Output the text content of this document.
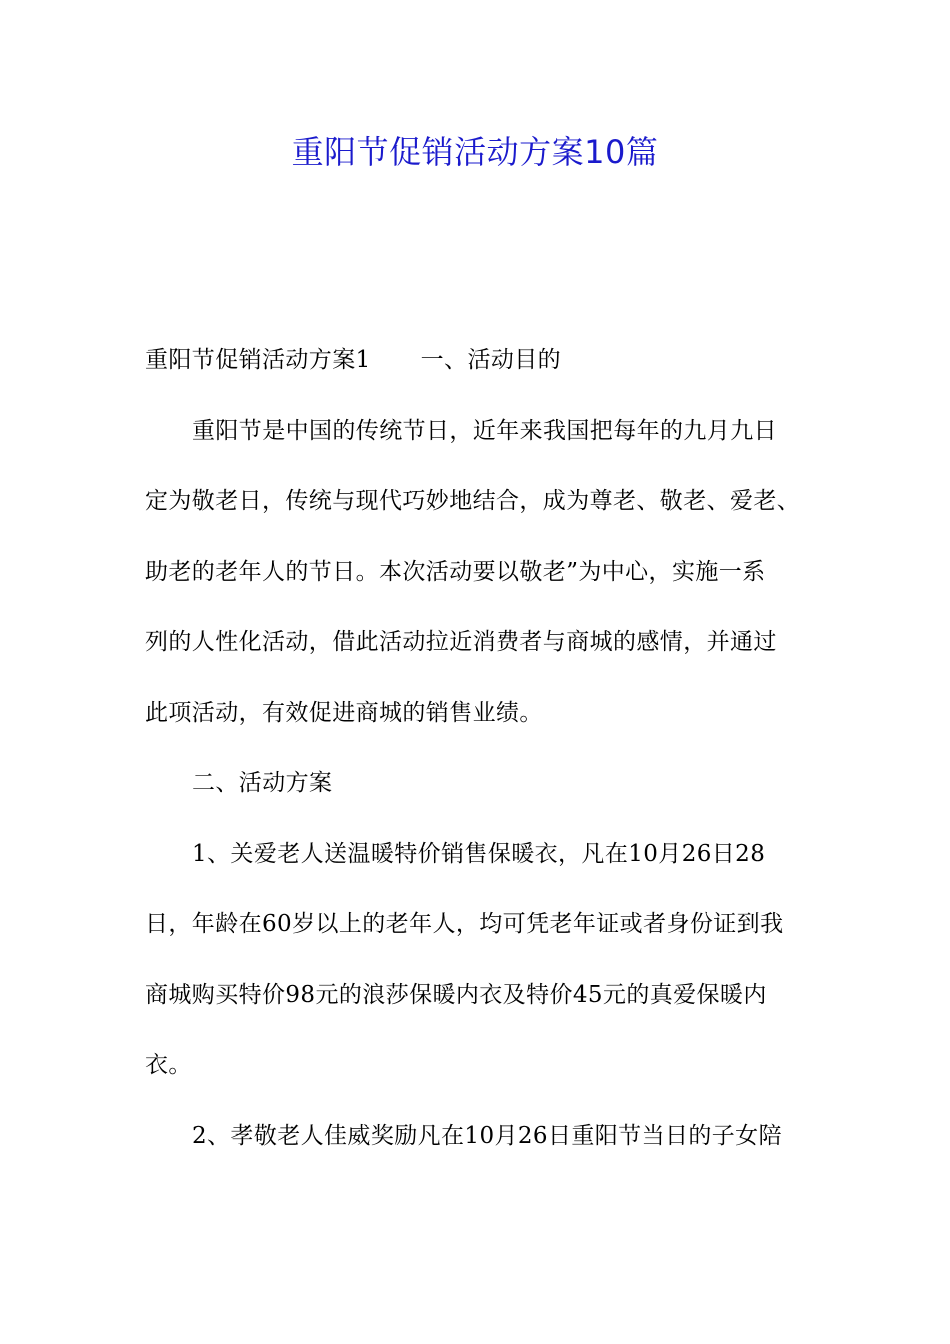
重阳节促销活动方案10篇
重阳节促销活动方案1 一、活动目的
重阳节是中国的传统节日，近年来我国把每年的九月九日
定为敬老日，传统与现代巧妙地结合，成为尊老、敬老、爱老、
助老的老年人的节日。本次活动要以敬老”为中心，实施一系
列的人性化活动，借此活动拉近消费者与商城的感情，并通过
此项活动，有效促进商城的销售业绩。
二、活动方案
1、关爱老人送温暖特价销售保暖衣，凡在10月26日28
日，年龄在60岁以上的老年人，均可凭老年证或者身份证到我
商城购买特价98元的浪莎保暖内衣及特价45元的真爱保暖内
衣。
2、孝敬老人佳威奖励凡在10月26日重阳节当日的子女陪
